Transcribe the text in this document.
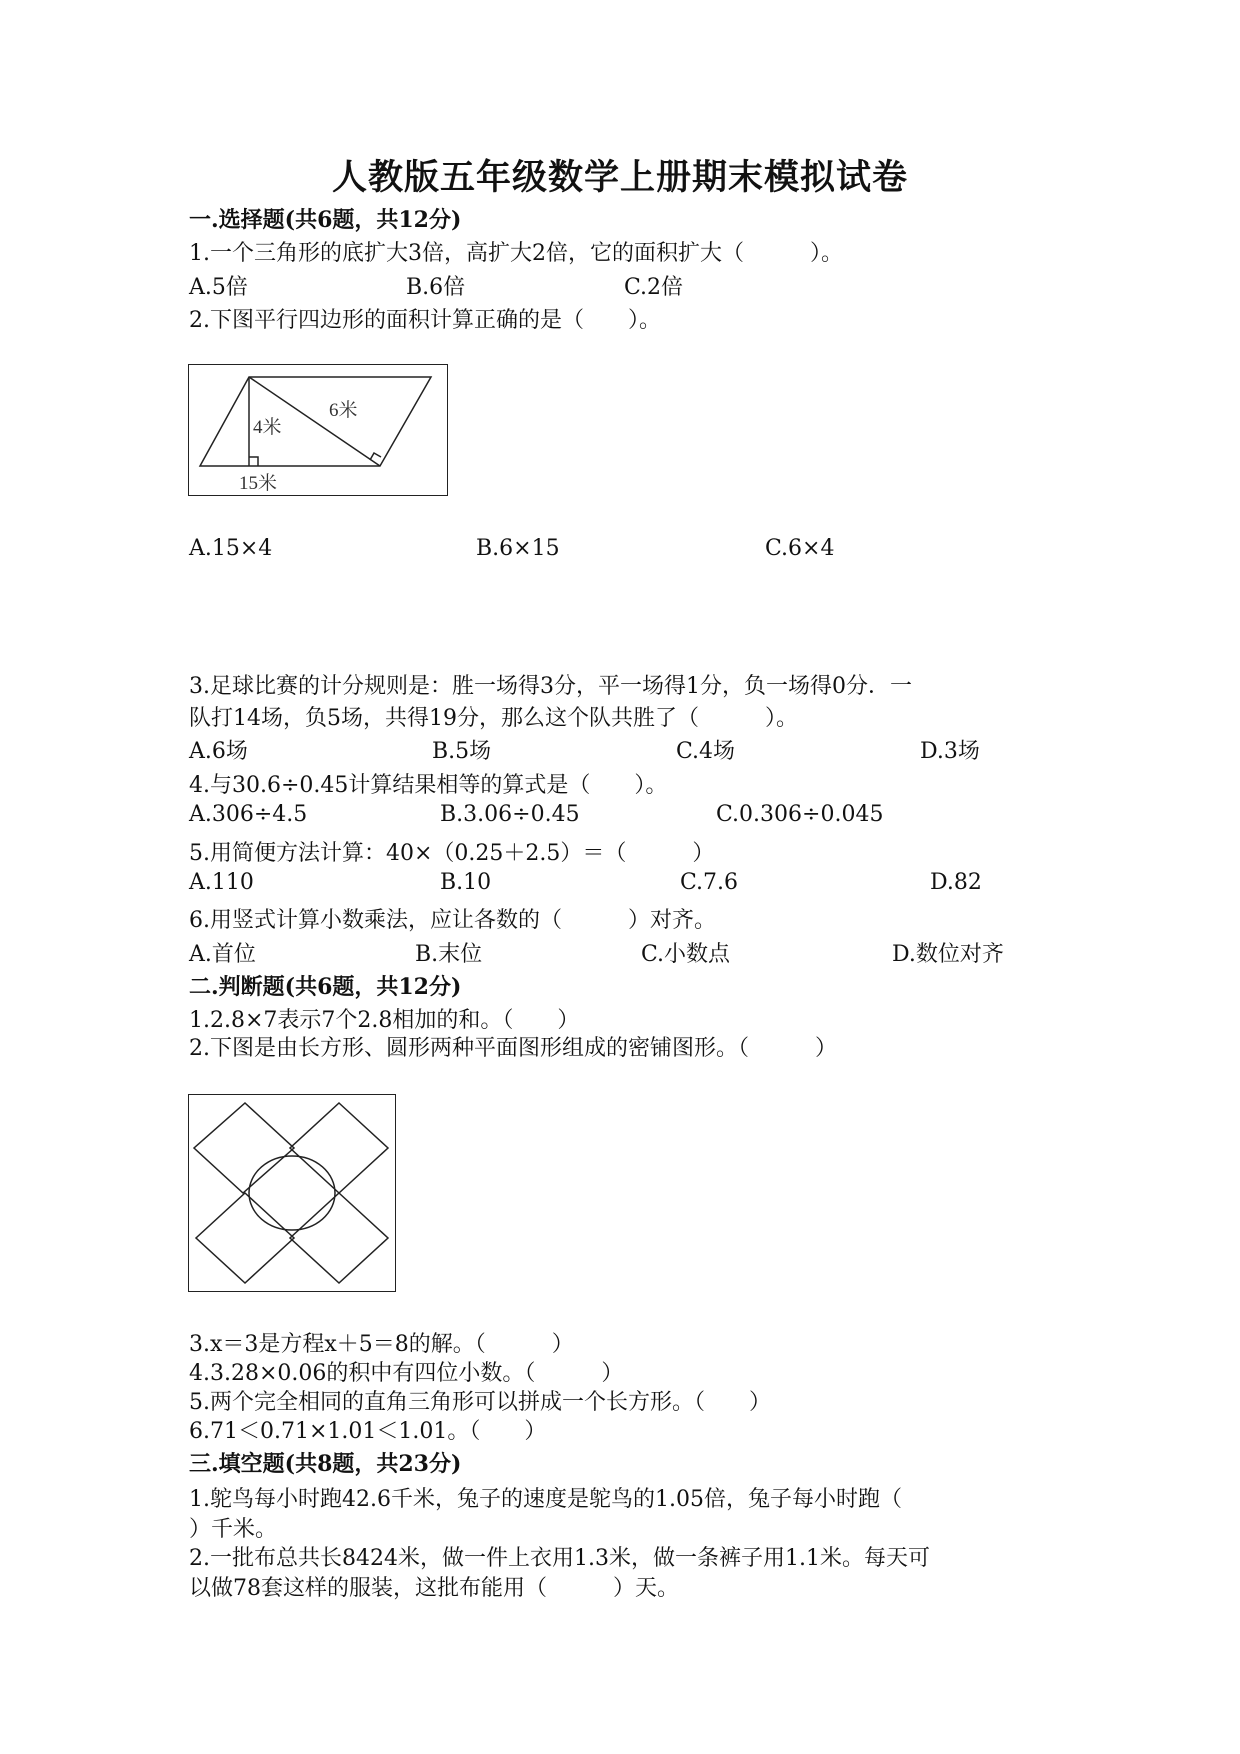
人教版五年级数学上册期末模拟试卷
一.选择题(共6题，共12分)
1.一个三角形的底扩大3倍，高扩大2倍，它的面积扩大（　　　）。
A.5倍	B.6倍	C.2倍
2.下图平行四边形的面积计算正确的是（　　）。
6米
4米
15米
A.15×4	B.6×15	C.6×4
3.足球比赛的计分规则是：胜一场得3分，平一场得1分，负一场得0分．一
队打14场，负5场，共得19分，那么这个队共胜了（　　　）。
A.6场	B.5场	C.4场	D.3场
4.与30.6÷0.45计算结果相等的算式是（　　）。
A.306÷4.5	B.3.06÷0.45	C.0.306÷0.045
5.用简便方法计算：40×（0.25＋2.5）＝（　　　）
A.110	B.10	C.7.6	D.82
6.用竖式计算小数乘法，应让各数的（　　　）对齐。
A.首位	B.末位	C.小数点	D.数位对齐
二.判断题(共6题，共12分)
1.2.8×7表示7个2.8相加的和。（　　）
2.下图是由长方形、圆形两种平面图形组成的密铺图形。（　　　）
3.x＝3是方程x＋5＝8的解。（　　　）
4.3.28×0.06的积中有四位小数。（　　　）
5.两个完全相同的直角三角形可以拼成一个长方形。（　　）
6.71＜0.71×1.01＜1.01。（　　）
三.填空题(共8题，共23分)
1.鸵鸟每小时跑42.6千米，兔子的速度是鸵鸟的1.05倍，兔子每小时跑（
）千米。
2.一批布总共长8424米，做一件上衣用1.3米，做一条裤子用1.1米。每天可
以做78套这样的服装，这批布能用（　　　）天。
